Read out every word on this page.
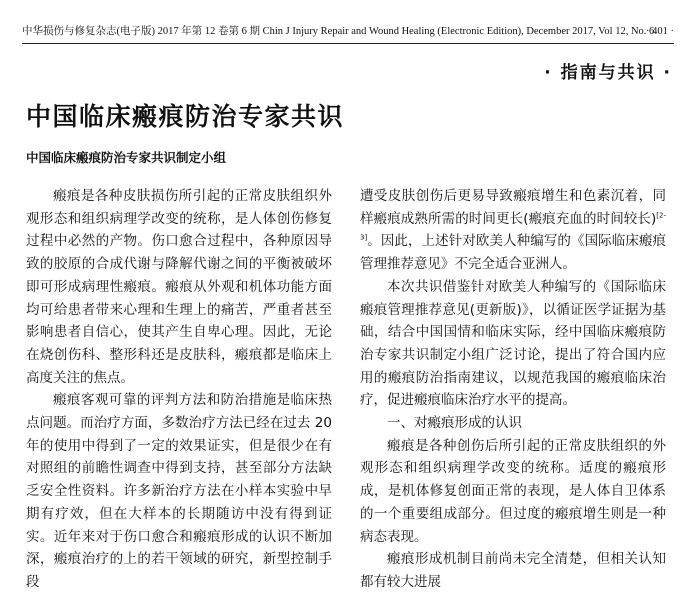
中华损伤与修复杂志(电子版) 2017 年第 12 卷第 6 期 Chin J Injury Repair and Wound Healing (Electronic Edition), December 2017, Vol 12, No. 6
· 401 ·
· 指南与共识 ·
中国临床瘢痕防治专家共识
中国临床瘢痕防治专家共识制定小组

瘢痕是各种皮肤损伤所引起的正常皮肤组织外观形态和组织病理学改变的统称，是人体创伤修复过程中必然的产物。伤口愈合过程中，各种原因导致的胶原的合成代谢与降解代谢之间的平衡被破坏即可形成病理性瘢痕。瘢痕从外观和机体功能方面均可给患者带来心理和生理上的痛苦，严重者甚至影响患者自信心，使其产生自卑心理。因此，无论在烧创伤科、整形科还是皮肤科，瘢痕都是临床上高度关注的焦点。

瘢痕客观可靠的评判方法和防治措施是临床热点问题。而治疗方面，多数治疗方法已经在过去 20 年的使用中得到了一定的效果证实，但是很少在有对照组的前瞻性调查中得到支持，甚至部分方法缺乏安全性资料。许多新治疗方法在小样本实验中早期有疗效，但在大样本的长期随访中没有得到证实。近年来对于伤口愈合和瘢痕形成的认识不断加深，瘢痕治疗的上的若干领域的研究，新型控制手段

遭受皮肤创伤后更易导致瘢痕增生和色素沉着，同样瘢痕成熟所需的时间更长(瘢痕充血的时间较长)[2-3]。因此，上述针对欧美人种编写的《国际临床瘢痕管理推荐意见》不完全适合亚洲人。

本次共识借鉴针对欧美人种编写的《国际临床瘢痕管理推荐意见(更新版)》，以循证医学证据为基础，结合中国国情和临床实际，经中国临床瘢痕防治专家共识制定小组广泛讨论，提出了符合国内应用的瘢痕防治指南建议，以规范我国的瘢痕临床治疗，促进瘢痕临床治疗水平的提高。

一、对瘢痕形成的认识

瘢痕是各种创伤后所引起的正常皮肤组织的外观形态和组织病理学改变的统称。适度的瘢痕形成，是机体修复创面正常的表现，是人体自卫体系的一个重要组成部分。但过度的瘢痕增生则是一种病态表现。

瘢痕形成机制目前尚未完全清楚，但相关认知都有较大进展
